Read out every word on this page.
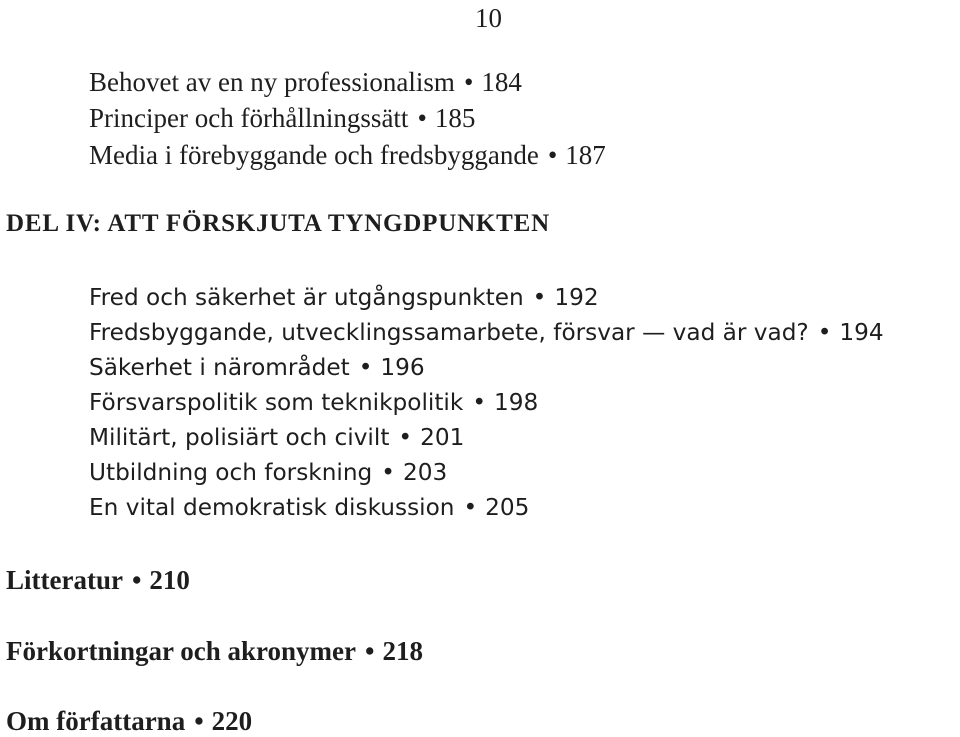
10
Behovet av en ny professionalism • 184
Principer och förhållningssätt • 185
Media i förebyggande och fredsbyggande • 187
DEL IV: ATT FÖRSKJUTA TYNGDPUNKTEN
Fred och säkerhet är utgångspunkten • 192
Fredsbyggande, utvecklingssamarbete, försvar — vad är vad? • 194
Säkerhet i närområdet • 196
Försvarspolitik som teknikpolitik • 198
Militärt, polisiärt och civilt • 201
Utbildning och forskning • 203
En vital demokratisk diskussion • 205
Litteratur • 210
Förkortningar och akronymer • 218
Om författarna • 220
